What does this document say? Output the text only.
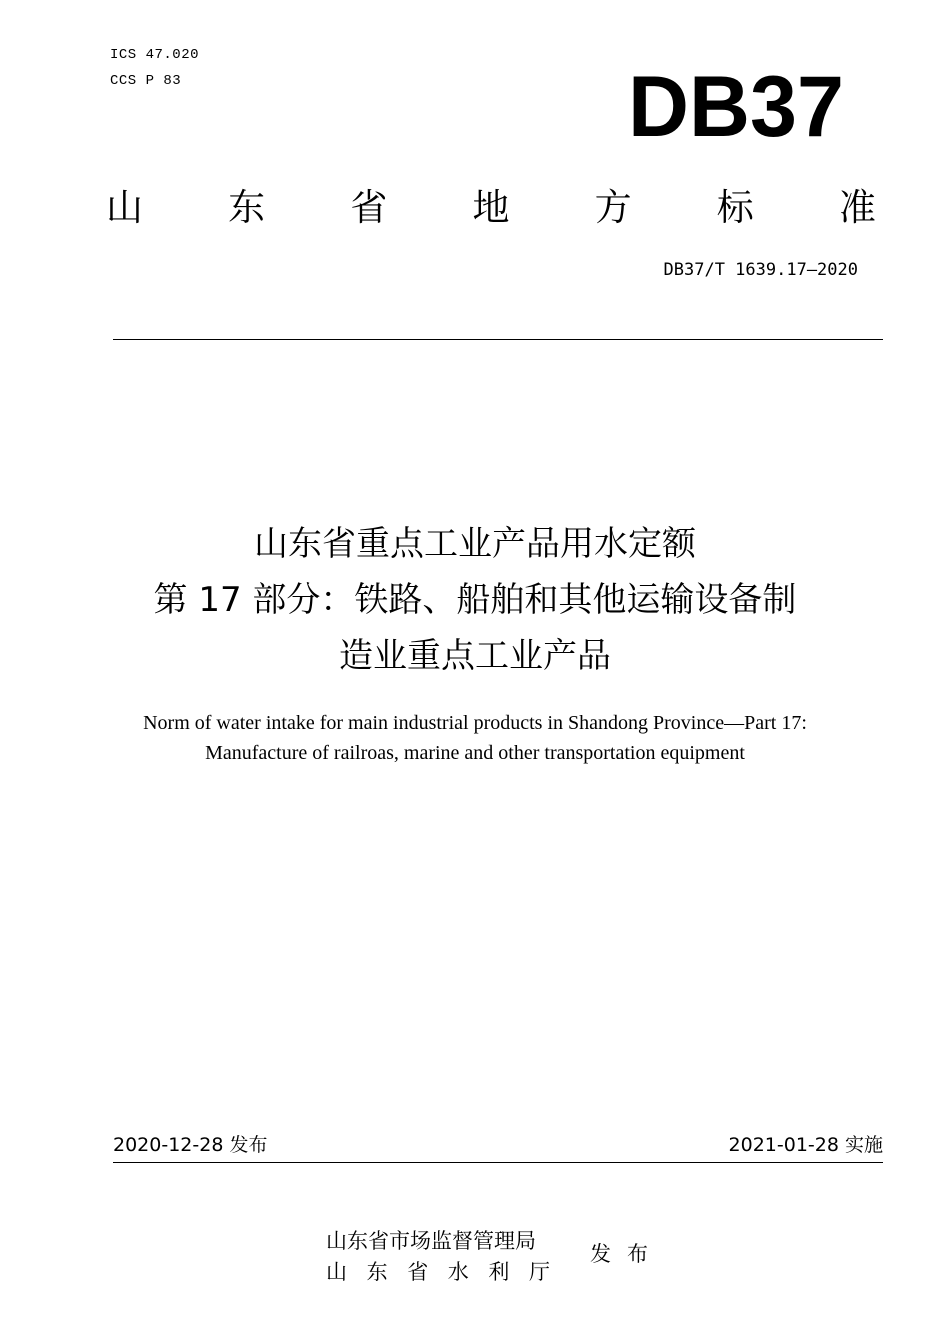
ICS 47.020
CCS P 83	DB37
山 东 省 地 方 标 准
DB37/T 1639.17—2020
山东省重点工业产品用水定额
第 17 部分：铁路、船舶和其他运输设备制
造业重点工业产品
Norm of water intake for main industrial products in Shandong Province—Part 17:
Manufacture of railroas, marine and other transportation equipment
2020-12-28 发布	2021-01-28 实施
山东省市场监督管理局
山 东 省 水 利 厅
发 布
